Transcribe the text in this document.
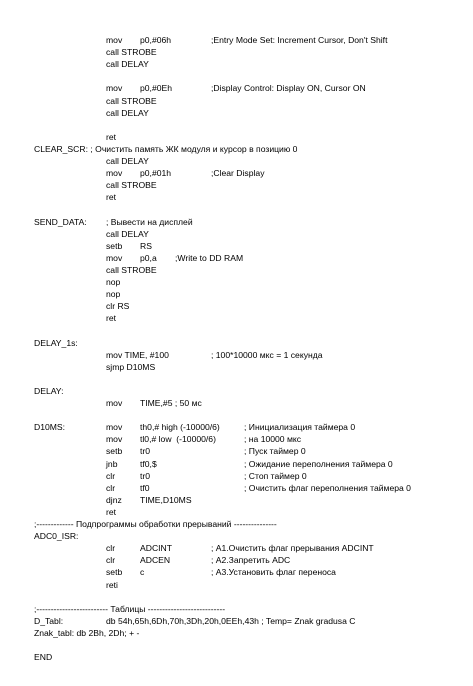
mov p0,#06h	;Entry Mode Set: Increment Cursor, Don't Shift
call STROBE
call DELAY
mov p0,#0Eh	;Display Control: Display ON, Cursor ON
call STROBE
call DELAY
ret
CLEAR_SCR: ; Очистить память ЖК модуля и курсор в позицию 0
call DELAY
mov p0,#01h	;Clear Display
call STROBE
ret
SEND_DATA: ; Вывести на дисплей
call DELAY
setb RS
mov p0,a ;Write to DD RAM
call STROBE
nop
nop
clr RS
ret
DELAY_1s:
mov TIME, #100	; 100*10000 мкс = 1 секунда
sjmp D10MS
DELAY:
mov TIME,#5 ; 50 мс
D10MS:	mov th0,# high (-10000/6)	; Инициализация таймера 0
mov tl0,# low  (-10000/6)	; на 10000 мкс
setb tr0	; Пуск таймер 0
jnb	tf0,$	; Ожидание переполнения таймера 0
clr	tr0	; Стоп таймер 0
clr	tf0	; Очистить флаг переполнения таймера 0
djnz TIME,D10MS
ret
;------------- Подпрограммы обработки прерываний ---------------
ADC0_ISR:
clr	ADCINT	; А1.Очистить флаг прерывания ADCINT
clr	ADCEN	; А2.Запретить ADC
setb c	; А3.Установить флаг переноса
reti
;------------------------- Таблицы ---------------------------
D_Tabl:	db 54h,65h,6Dh,70h,3Dh,20h,0EEh,43h ; Temp= Znak gradusa C
Znak_tabl: db 2Bh, 2Dh; + -
END
